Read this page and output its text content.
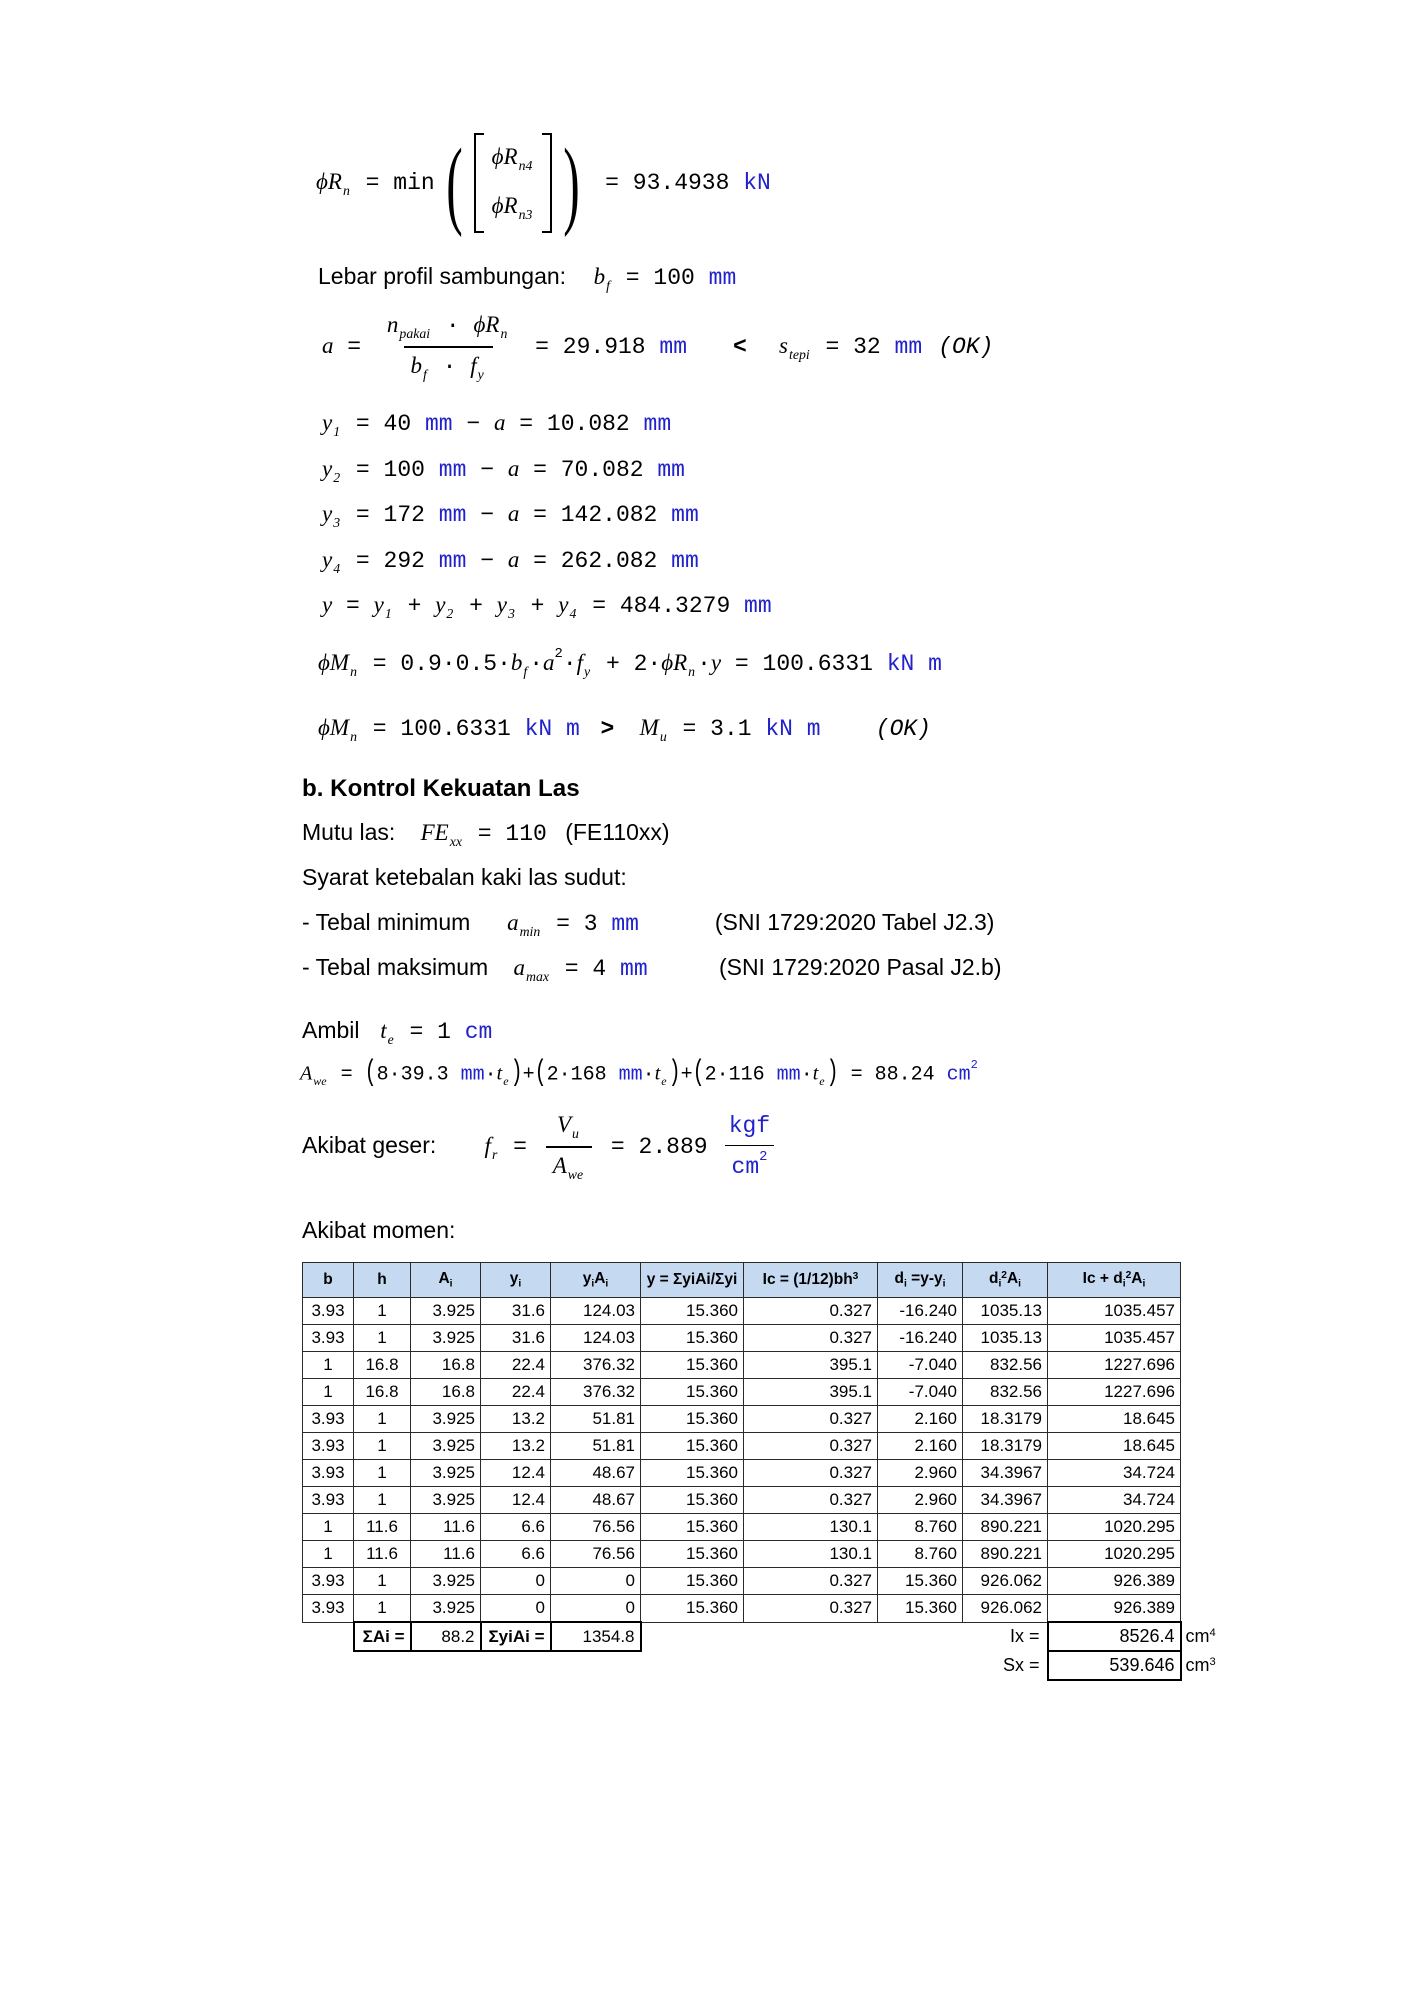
$\phi R_n = \min$ ( $\phi R_{n4}$
$\phi R_{n3}$ ) = 93.4938 kN
Lebar profil sambungan: $b_f = 100$ mm
$a = \frac{n_{pakai} \cdot \phi R_n}{b_f \cdot f_y} = 29.918$ mm < $s_{tepi} = 32$ mm (OK)
$y_1 = 40$ mm − a = 10.082 mm
$y_2 = 100$ mm − a = 70.082 mm
$y_3 = 172$ mm − a = 142.082 mm
$y_4 = 292$ mm − a = 262.082 mm
$y = y_1 + y_2 + y_3 + y_4 = 484.3279$ mm
$\phi M_n = 0.9\cdot 0.5\cdot b_f\cdot a^2\cdot f_y + 2\cdot\phi R_n\cdot y = 100.6331$ kN m
$\phi M_n = 100.6331$ kN $m > M_u = 3.1$ kN m (OK)
b. Kontrol Kekuatan Las
Mutu las: $FE_{xx} = 110$ (FE110xx)
Syarat ketebalan kaki las sudut:
- Tebal minimum $a_{min} = 3$ mm	(SNI 1729:2020 Tabel J2.3)
- Tebal maksimum $a_{max} = 4$ mm	(SNI 1729:2020 Pasal J2.b)
Ambil $t_e = 1$ cm
$A_{we} = (8\cdot 39.3$ $mm\cdot t_e$ )+(2·168 $mm\cdot t_e$ )+(2·116 $mm\cdot t_e$ ) = 88.24 $cm^2$
Akibat geser: $f_r = \frac{V_u}{A_{we}} = 2.889 \frac{\text{kgf}}{cm^2}$
Akibat momen:
b	h	$A_i$	$y_i$	$y_iA_i$	y = ΣyiAi/Σyi	$Ic = (1/12)bh^3$	$d_i =y-y_i$	$d_i^2A_i$	$Ic + d_i^2A_i$	
3.93	1	3.925	31.6	124.03	15.360	0.327	-16.240	1035.13	1035.457	
3.93	1	3.925	31.6	124.03	15.360	0.327	-16.240	1035.13	1035.457	
1	16.8	16.8	22.4	376.32	15.360	395.1	-7.040	832.56	1227.696	
1	16.8	16.8	22.4	376.32	15.360	395.1	-7.040	832.56	1227.696	
3.93	1	3.925	13.2	51.81	15.360	0.327	2.160	18.3179	18.645	
3.93	1	3.925	13.2	51.81	15.360	0.327	2.160	18.3179	18.645	
3.93	1	3.925	12.4	48.67	15.360	0.327	2.960	34.3967	34.724	
3.93	1	3.925	12.4	48.67	15.360	0.327	2.960	34.3967	34.724	
1	11.6	11.6	6.6	76.56	15.360	130.1	8.760	890.221	1020.295	
1	11.6	11.6	6.6	76.56	15.360	130.1	8.760	890.221	1020.295	
3.93	1	3.925	0	0	15.360	0.327	15.360	926.062	926.389	
3.93	1	3.925	0	0	15.360	0.327	15.360	926.062	926.389	
	ΣAi =	88.2	ΣyiAi =	1354.8				Ix =	8526.4	$cm^4$
								Sx =	539.646	$cm^3$
